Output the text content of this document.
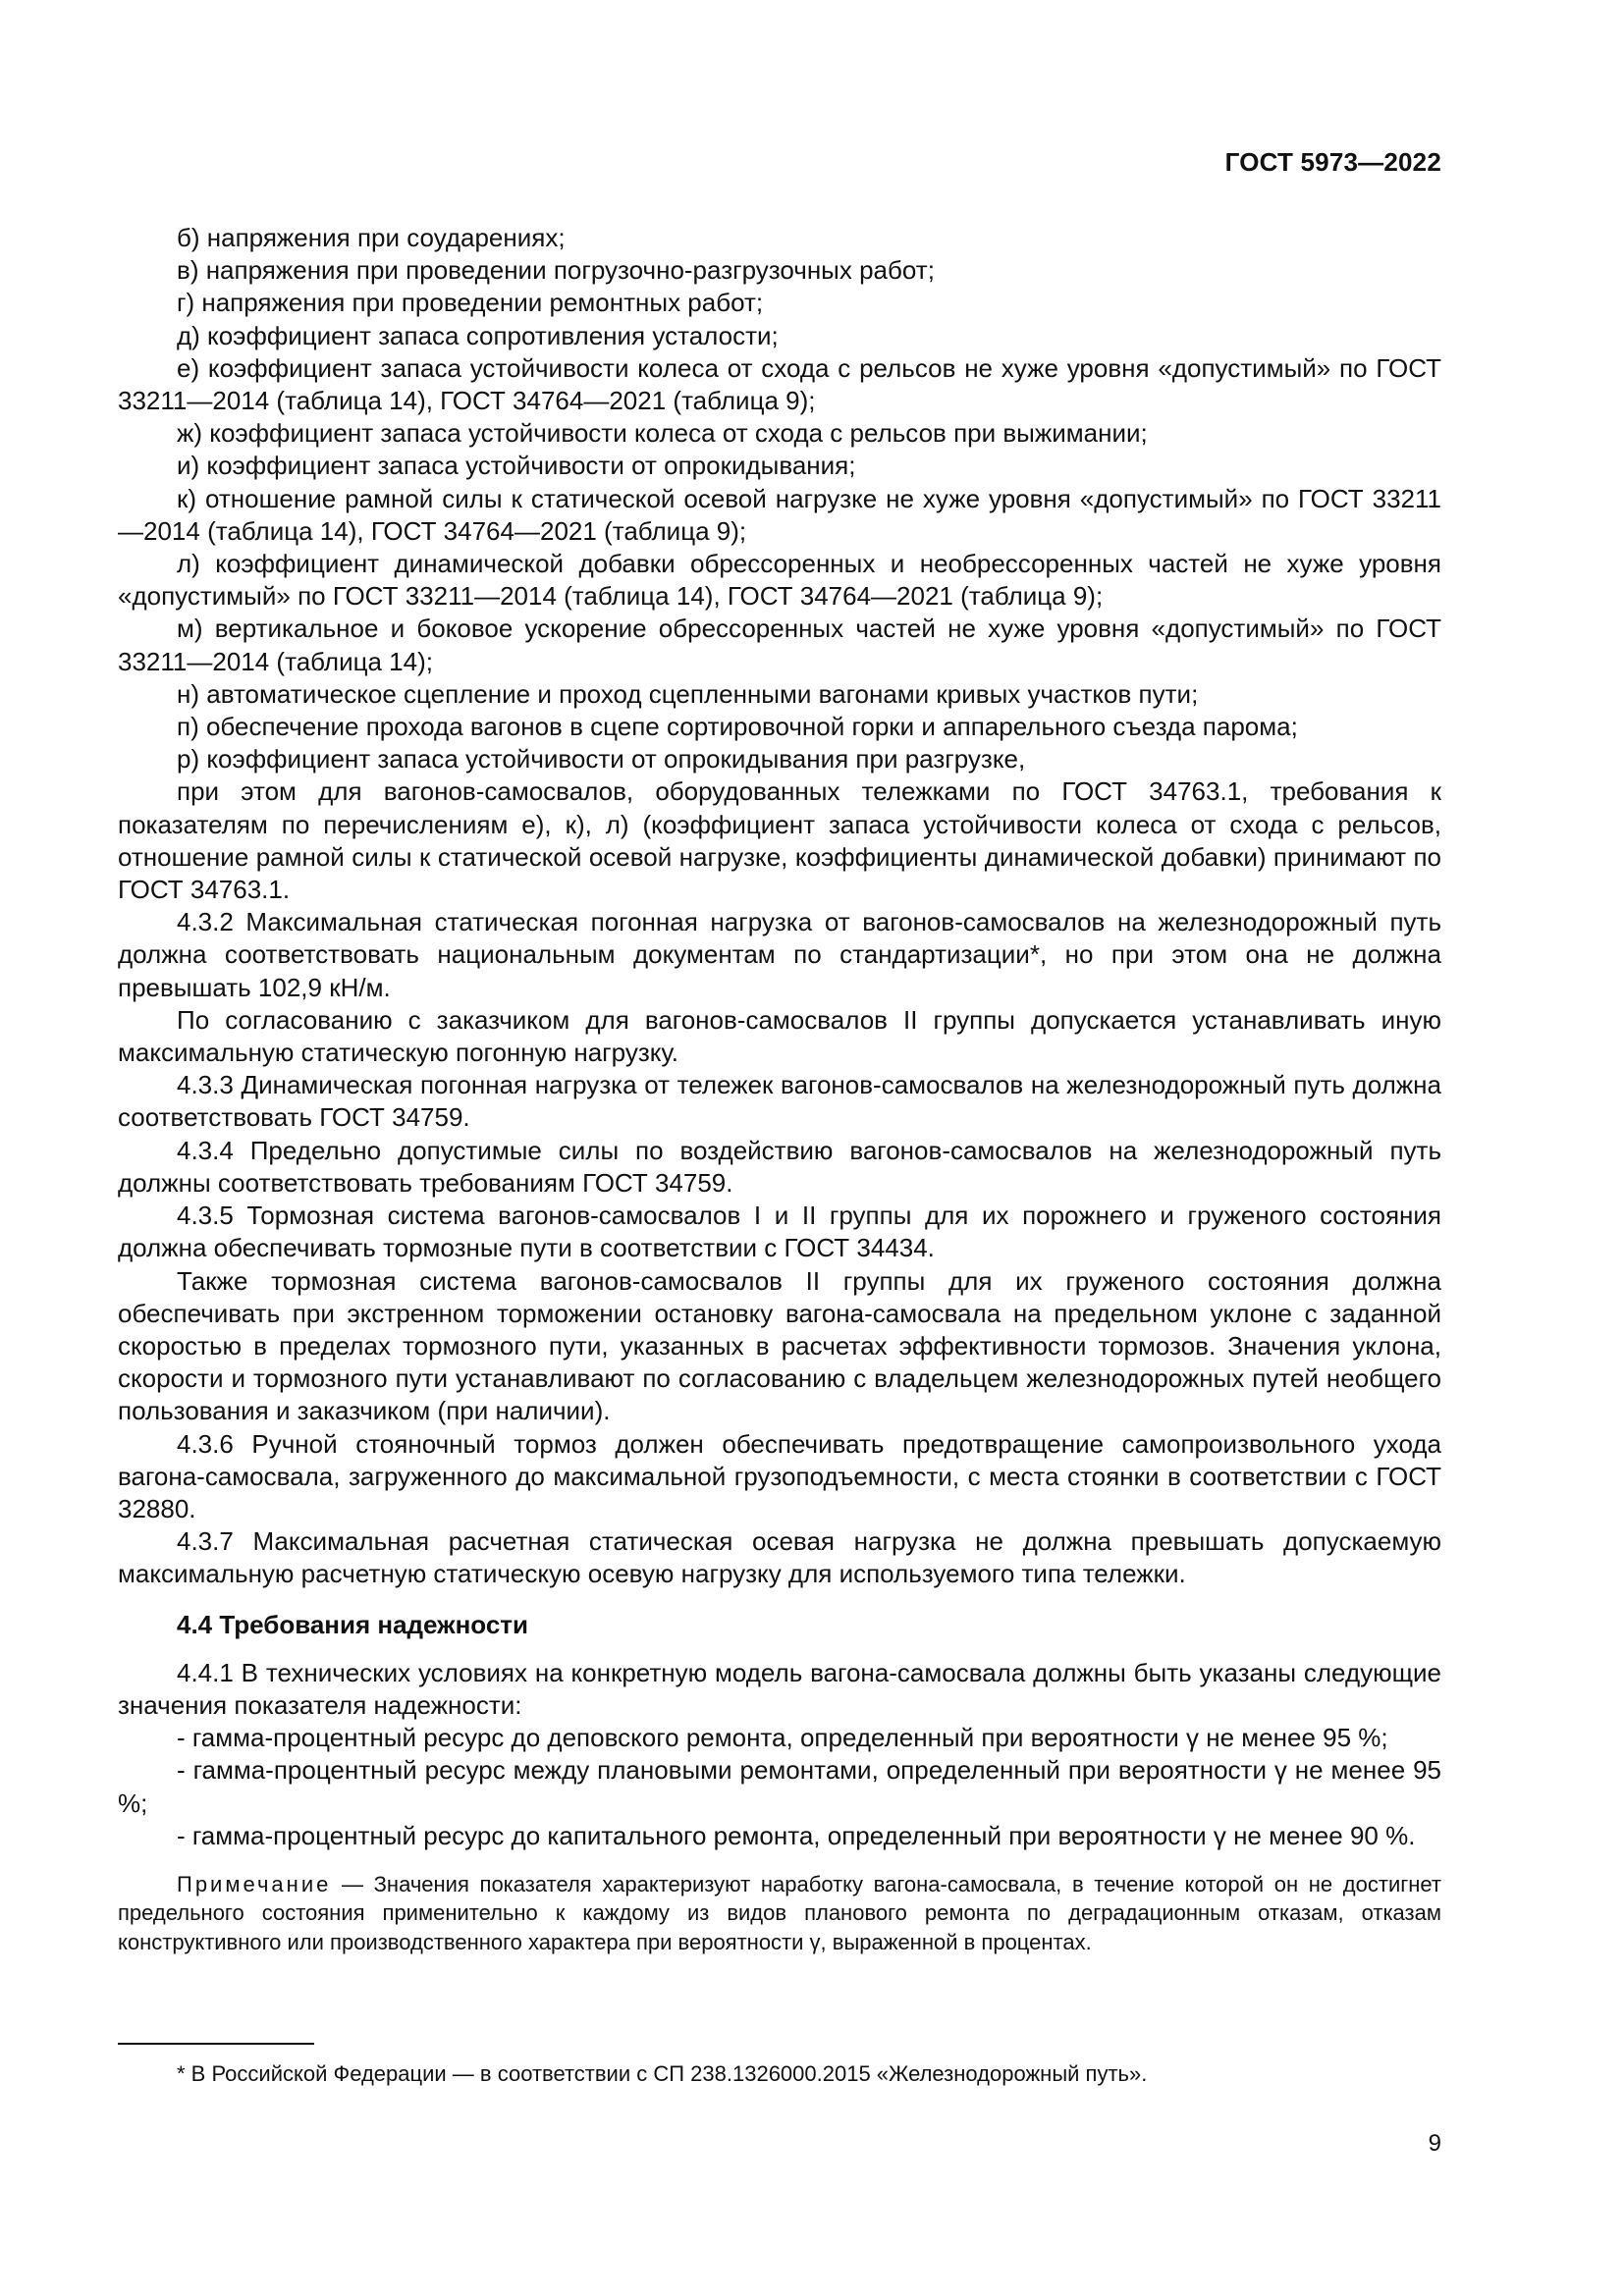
ГОСТ 5973—2022

б) напряжения при соударениях;

в) напряжения при проведении погрузочно-разгрузочных работ;

г) напряжения при проведении ремонтных работ;

д) коэффициент запаса сопротивления усталости;

е) коэффициент запаса устойчивости колеса от схода с рельсов не хуже уровня «допустимый» по ГОСТ 33211—2014 (таблица 14), ГОСТ 34764—2021 (таблица 9);

ж) коэффициент запаса устойчивости колеса от схода с рельсов при выжимании;

и) коэффициент запаса устойчивости от опрокидывания;

к) отношение рамной силы к статической осевой нагрузке не хуже уровня «допустимый» по ГОСТ 33211—2014 (таблица 14), ГОСТ 34764—2021 (таблица 9);

л) коэффициент динамической добавки обрессоренных и необрессоренных частей не хуже уровня «допустимый» по ГОСТ 33211—2014 (таблица 14), ГОСТ 34764—2021 (таблица 9);

м) вертикальное и боковое ускорение обрессоренных частей не хуже уровня «допустимый» по ГОСТ 33211—2014 (таблица 14);

н) автоматическое сцепление и проход сцепленными вагонами кривых участков пути;

п) обеспечение прохода вагонов в сцепе сортировочной горки и аппарельного съезда парома;

р) коэффициент запаса устойчивости от опрокидывания при разгрузке,

при этом для вагонов-самосвалов, оборудованных тележками по ГОСТ 34763.1, требования к показателям по перечислениям е), к), л) (коэффициент запаса устойчивости колеса от схода с рельсов, отношение рамной силы к статической осевой нагрузке, коэффициенты динамической добавки) принимают по ГОСТ 34763.1.

4.3.2 Максимальная статическая погонная нагрузка от вагонов-самосвалов на железнодорожный путь должна соответствовать национальным документам по стандартизации*, но при этом она не должна превышать 102,9 кН/м.

По согласованию с заказчиком для вагонов-самосвалов II группы допускается устанавливать иную максимальную статическую погонную нагрузку.

4.3.3 Динамическая погонная нагрузка от тележек вагонов-самосвалов на железнодорожный путь должна соответствовать ГОСТ 34759.

4.3.4 Предельно допустимые силы по воздействию вагонов-самосвалов на железнодорожный путь должны соответствовать требованиям ГОСТ 34759.

4.3.5 Тормозная система вагонов-самосвалов I и II группы для их порожнего и груженого состояния должна обеспечивать тормозные пути в соответствии с ГОСТ 34434.

Также тормозная система вагонов-самосвалов II группы для их груженого состояния должна обеспечивать при экстренном торможении остановку вагона-самосвала на предельном уклоне с заданной скоростью в пределах тормозного пути, указанных в расчетах эффективности тормозов. Значения уклона, скорости и тормозного пути устанавливают по согласованию с владельцем железнодорожных путей необщего пользования и заказчиком (при наличии).

4.3.6 Ручной стояночный тормоз должен обеспечивать предотвращение самопроизвольного ухода вагона-самосвала, загруженного до максимальной грузоподъемности, с места стоянки в соответствии с ГОСТ 32880.

4.3.7 Максимальная расчетная статическая осевая нагрузка не должна превышать допускаемую максимальную расчетную статическую осевую нагрузку для используемого типа тележки.

4.4 Требования надежности

4.4.1 В технических условиях на конкретную модель вагона-самосвала должны быть указаны следующие значения показателя надежности:

- гамма-процентный ресурс до деповского ремонта, определенный при вероятности γ не менее 95 %;

- гамма-процентный ресурс между плановыми ремонтами, определенный при вероятности γ не менее 95 %;

- гамма-процентный ресурс до капитального ремонта, определенный при вероятности γ не менее 90 %.

Примечание — Значения показателя характеризуют наработку вагона-самосвала, в течение которой он не достигнет предельного состояния применительно к каждому из видов планового ремонта по деградационным отказам, отказам конструктивного или производственного характера при вероятности γ, выраженной в процентах.

* В Российской Федерации — в соответствии с СП 238.1326000.2015 «Железнодорожный путь».
9
